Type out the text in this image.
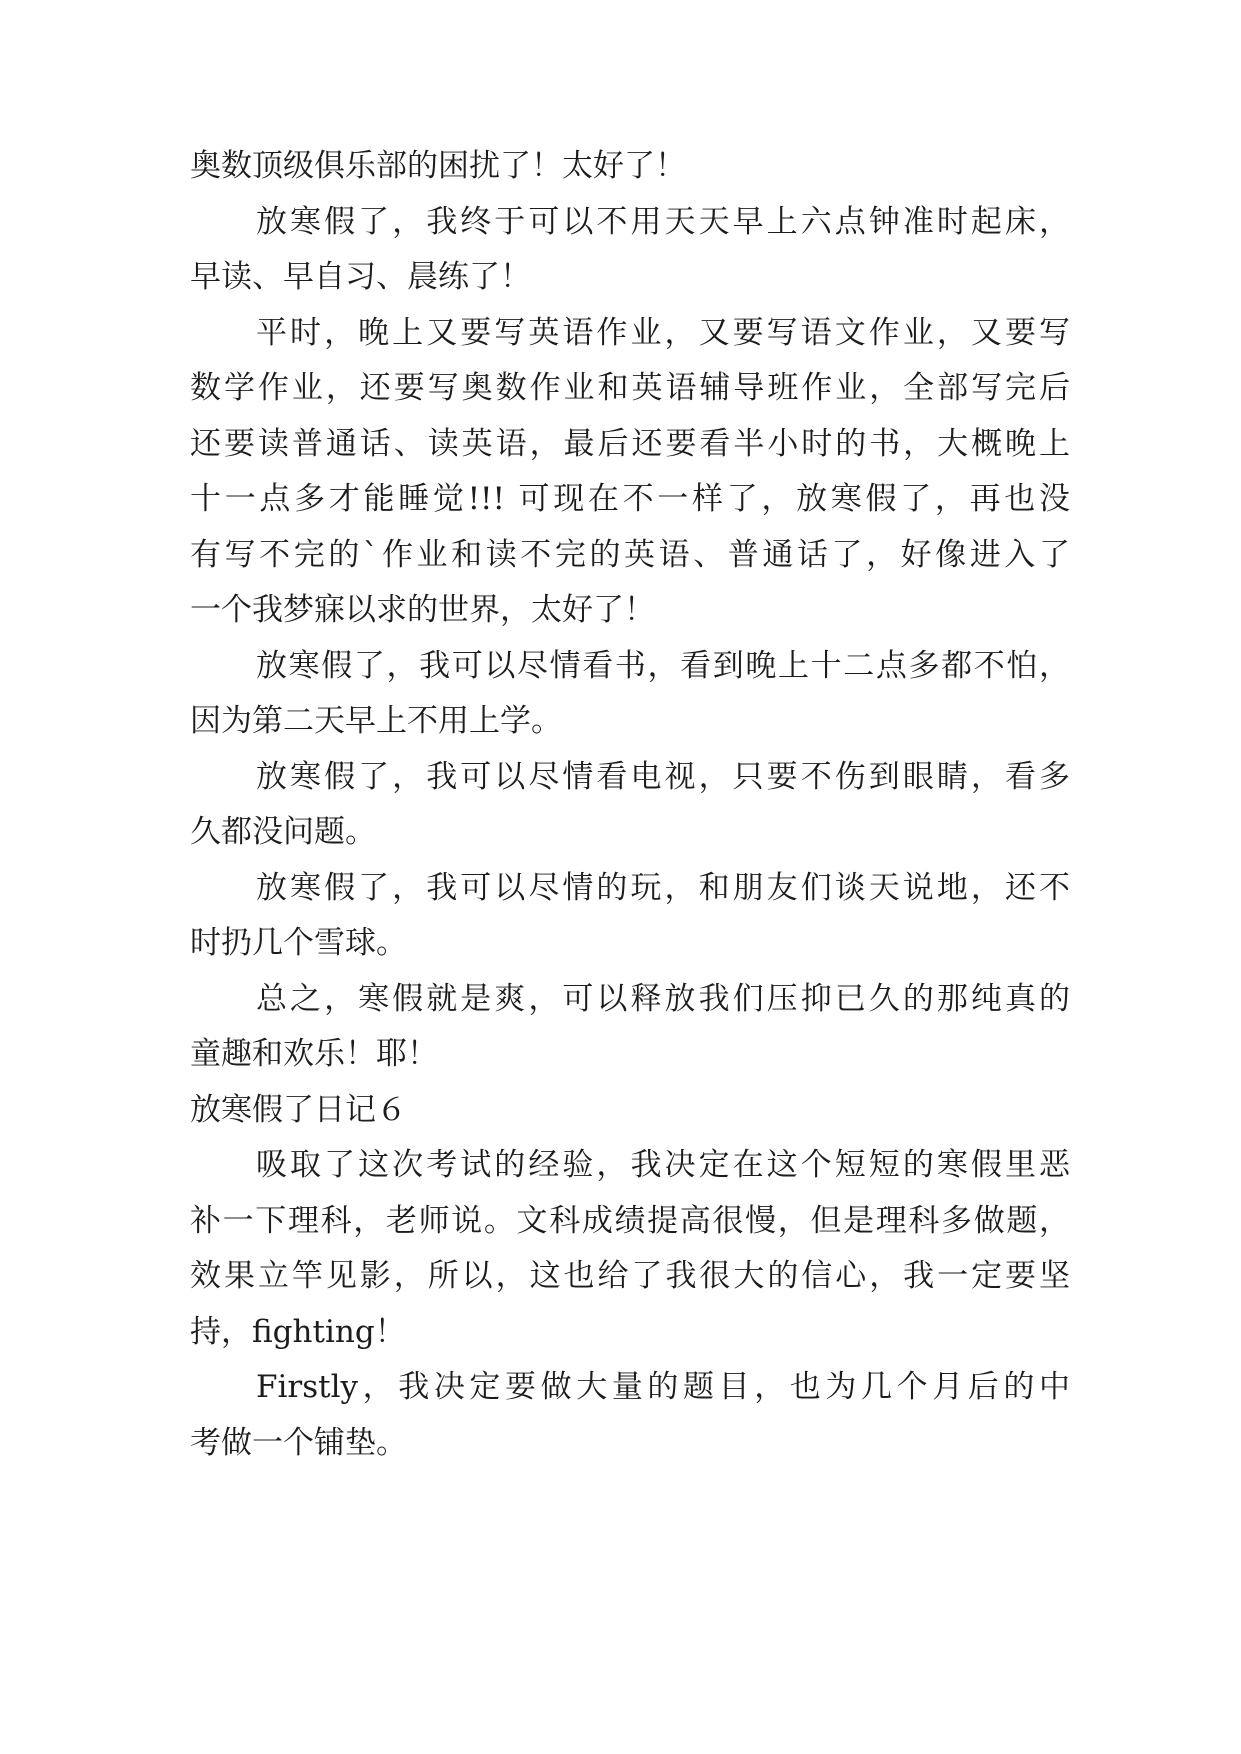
奥数顶级俱乐部的困扰了！太好了！

放寒假了，我终于可以不用天天早上六点钟准时起床，

早读、早自习、晨练了！

平时，晚上又要写英语作业，又要写语文作业，又要写

数学作业，还要写奥数作业和英语辅导班作业，全部写完后

还要读普通话、读英语，最后还要看半小时的书，大概晚上

十一点多才能睡觉!!! 可现在不一样了，放寒假了，再也没

有写不完的`作业和读不完的英语、普通话了，好像进入了

一个我梦寐以求的世界，太好了！

放寒假了，我可以尽情看书，看到晚上十二点多都不怕，

因为第二天早上不用上学。

放寒假了，我可以尽情看电视，只要不伤到眼睛，看多

久都没问题。

放寒假了，我可以尽情的玩，和朋友们谈天说地，还不

时扔几个雪球。

总之，寒假就是爽，可以释放我们压抑已久的那纯真的

童趣和欢乐！耶！

放寒假了日记６

吸取了这次考试的经验，我决定在这个短短的寒假里恶

补一下理科，老师说。文科成绩提高很慢，但是理科多做题，

效果立竿见影，所以，这也给了我很大的信心，我一定要坚

持，fighting！

Firstly，我决定要做大量的题目，也为几个月后的中

考做一个铺垫。
